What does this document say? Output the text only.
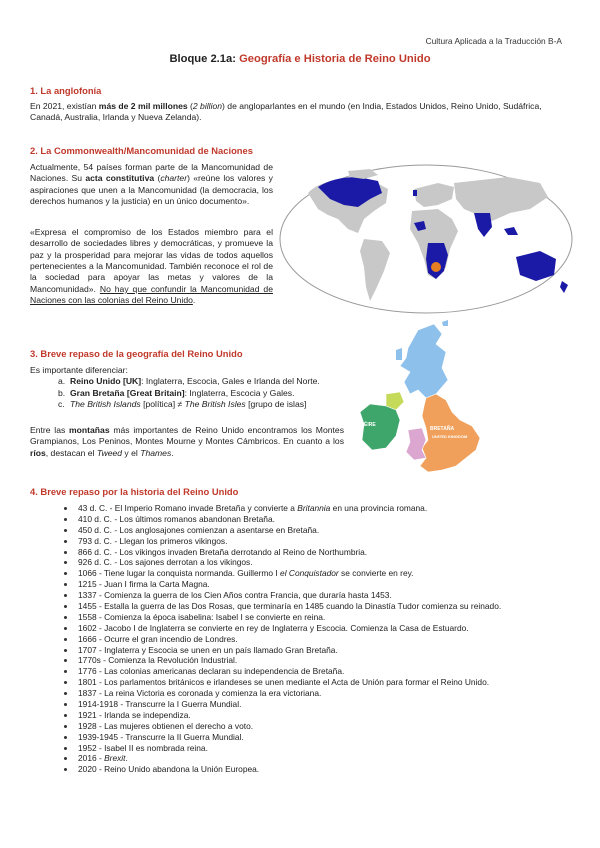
Cultura Aplicada a la Traducción B-A
Bloque 2.1a: Geografía e Historia de Reino Unido
1. La anglofonía
En 2021, existían más de 2 mil millones (2 billion) de angloparlantes en el mundo (en India, Estados Unidos, Reino Unido, Sudáfrica, Canadá, Australia, Irlanda y Nueva Zelanda).
2. La Commonwealth/Mancomunidad de Naciones
Actualmente, 54 países forman parte de la Mancomunidad de Naciones. Su acta constitutiva (charter) «reúne los valores y aspiraciones que unen a la Mancomunidad (la democracia, los derechos humanos y la justicia) en un único documento».
«Expresa el compromiso de los Estados miembro para el desarrollo de sociedades libres y democráticas, y promueve la paz y la prosperidad para mejorar las vidas de todos aquellos pertenecientes a la Mancomunidad. También reconoce el rol de la sociedad para apoyar las metas y valores de la Mancomunidad». No hay que confundir la Mancomunidad de Naciones con las colonias del Reino Unido.
3. Breve repaso de la geografía del Reino Unido
Es importante diferenciar:
a. Reino Unido [UK]: Inglaterra, Escocia, Gales e Irlanda del Norte.
b. Gran Bretaña [Great Britain]: Inglaterra, Escocia y Gales.
c. The British Islands [política] ≠ The British Isles [grupo de islas]
Entre las montañas más importantes de Reino Unido encontramos los Montes Grampianos, Los Peninos, Montes Mourne y Montes Cámbricos. En cuanto a los ríos, destacan el Tweed y el Thames.
ÉIRE
BRETAÑA
UNITED KINGDOM
4. Breve repaso por la historia del Reino Unido
43 d. C. - El Imperio Romano invade Bretaña y convierte a Britannia en una provincia romana.
410 d. C. - Los últimos romanos abandonan Bretaña.
450 d. C. - Los anglosajones comienzan a asentarse en Bretaña.
793 d. C. - Llegan los primeros vikingos.
866 d. C. - Los vikingos invaden Bretaña derrotando al Reino de Northumbria.
926 d. C. - Los sajones derrotan a los vikingos.
1066 - Tiene lugar la conquista normanda. Guillermo I el Conquistador se convierte en rey.
1215 - Juan I firma la Carta Magna.
1337 - Comienza la guerra de los Cien Años contra Francia, que duraría hasta 1453.
1455 - Estalla la guerra de las Dos Rosas, que terminaría en 1485 cuando la Dinastía Tudor comienza su reinado.
1558 - Comienza la época isabelina: Isabel I se convierte en reina.
1602 - Jacobo I de Inglaterra se convierte en rey de Inglaterra y Escocia. Comienza la Casa de Estuardo.
1666 - Ocurre el gran incendio de Londres.
1707 - Inglaterra y Escocia se unen en un país llamado Gran Bretaña.
1770s - Comienza la Revolución Industrial.
1776 - Las colonias americanas declaran su independencia de Bretaña.
1801 - Los parlamentos británicos e irlandeses se unen mediante el Acta de Unión para formar el Reino Unido.
1837 - La reina Victoria es coronada y comienza la era victoriana.
1914-1918 - Transcurre la I Guerra Mundial.
1921 - Irlanda se independiza.
1928 - Las mujeres obtienen el derecho a voto.
1939-1945 - Transcurre la II Guerra Mundial.
1952 - Isabel II es nombrada reina.
2016 - Brexit.
2020 - Reino Unido abandona la Unión Europea.
